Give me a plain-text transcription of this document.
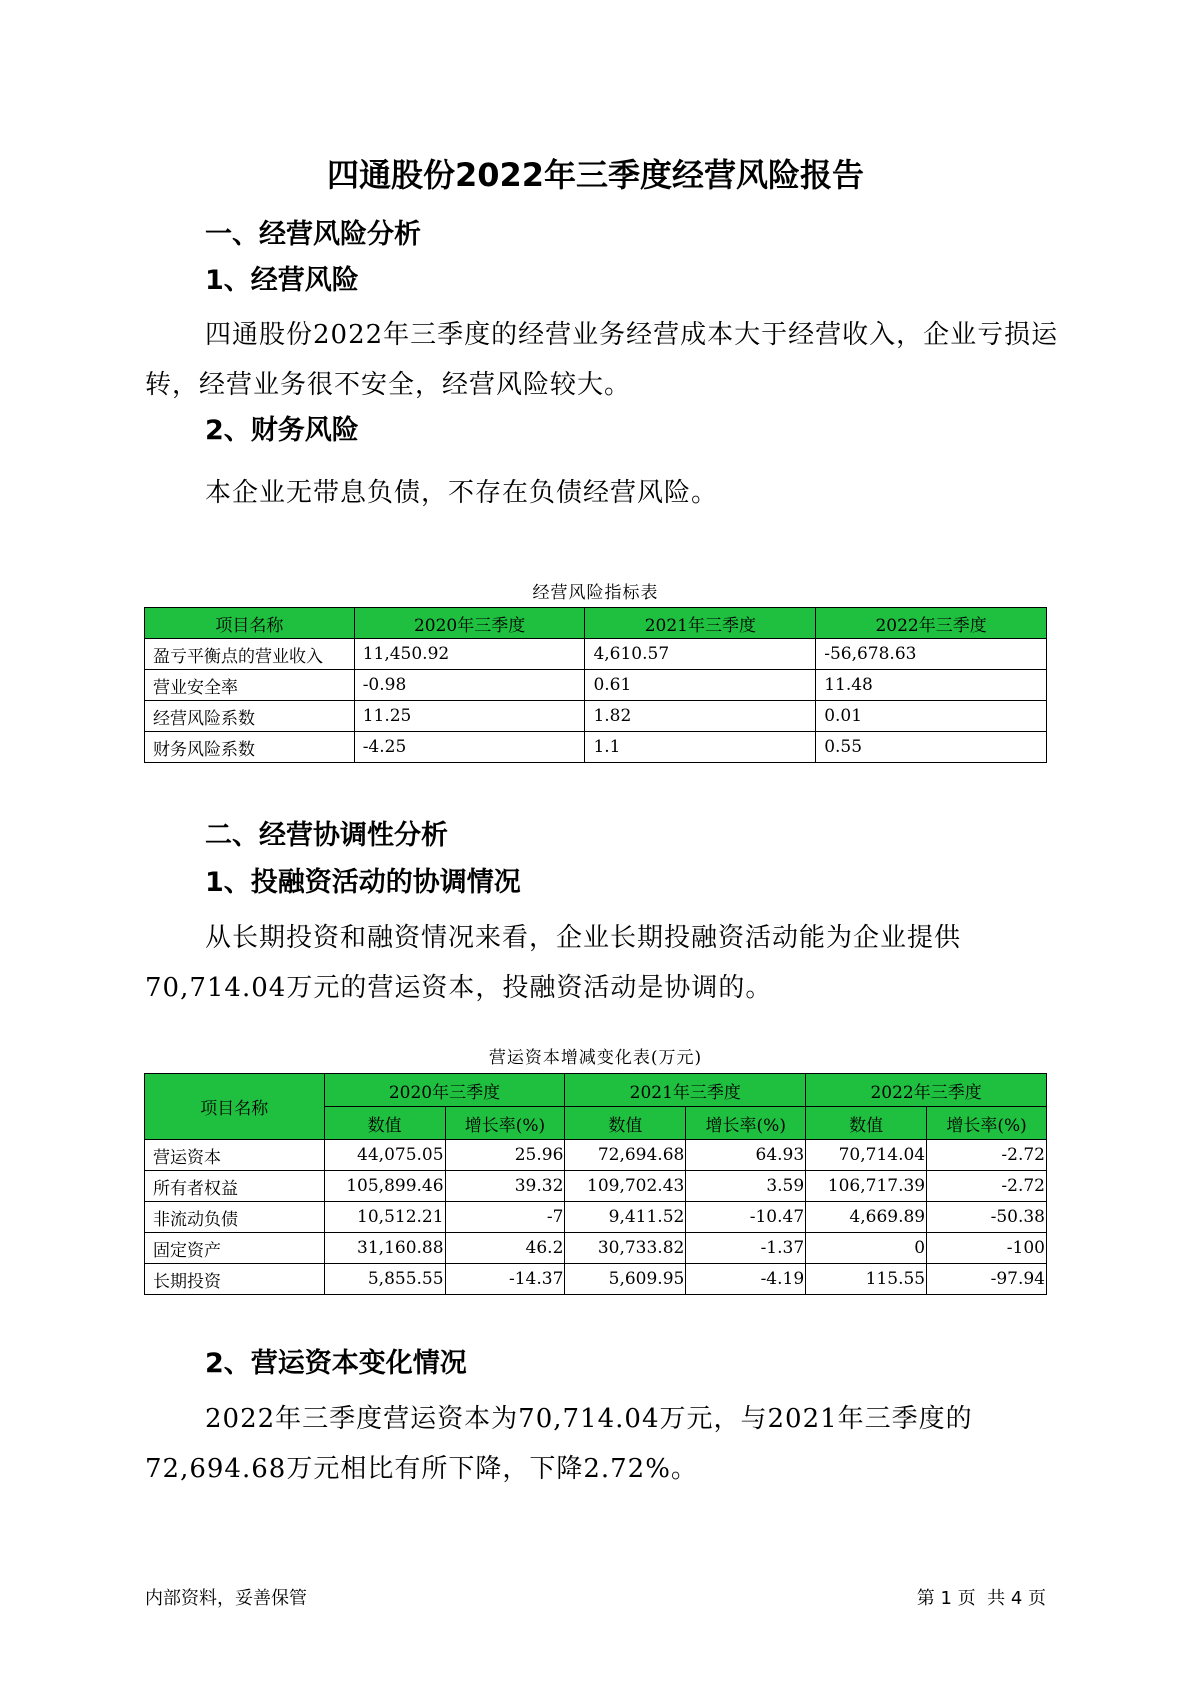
四通股份2022年三季度经营风险报告
一、经营风险分析
1、经营风险
四通股份2022年三季度的经营业务经营成本大于经营收入，企业亏损运转，经营业务很不安全，经营风险较大。
2、财务风险
本企业无带息负债，不存在负债经营风险。
经营风险指标表
项目名称	2020年三季度	2021年三季度	2022年三季度
盈亏平衡点的营业收入	11,450.92	4,610.57	-56,678.63
营业安全率	-0.98	0.61	11.48
经营风险系数	11.25	1.82	0.01
财务风险系数	-4.25	1.1	0.55
二、经营协调性分析
1、投融资活动的协调情况
从长期投资和融资情况来看，企业长期投融资活动能为企业提供70,714.04万元的营运资本，投融资活动是协调的。
营运资本增减变化表(万元)
项目名称	2020年三季度		2021年三季度		2022年三季度	
	数值	增长率(%)	数值	增长率(%)	数值	增长率(%)
营运资本	44,075.05	25.96	72,694.68	64.93	70,714.04	-2.72
所有者权益	105,899.46	39.32	109,702.43	3.59	106,717.39	-2.72
非流动负债	10,512.21	-7	9,411.52	-10.47	4,669.89	-50.38
固定资产	31,160.88	46.2	30,733.82	-1.37	0	-100
长期投资	5,855.55	-14.37	5,609.95	-4.19	115.55	-97.94
2、营运资本变化情况
2022年三季度营运资本为70,714.04万元，与2021年三季度的72,694.68万元相比有所下降，下降2.72%。
内部资料，妥善保管	第 1 页  共 4 页
